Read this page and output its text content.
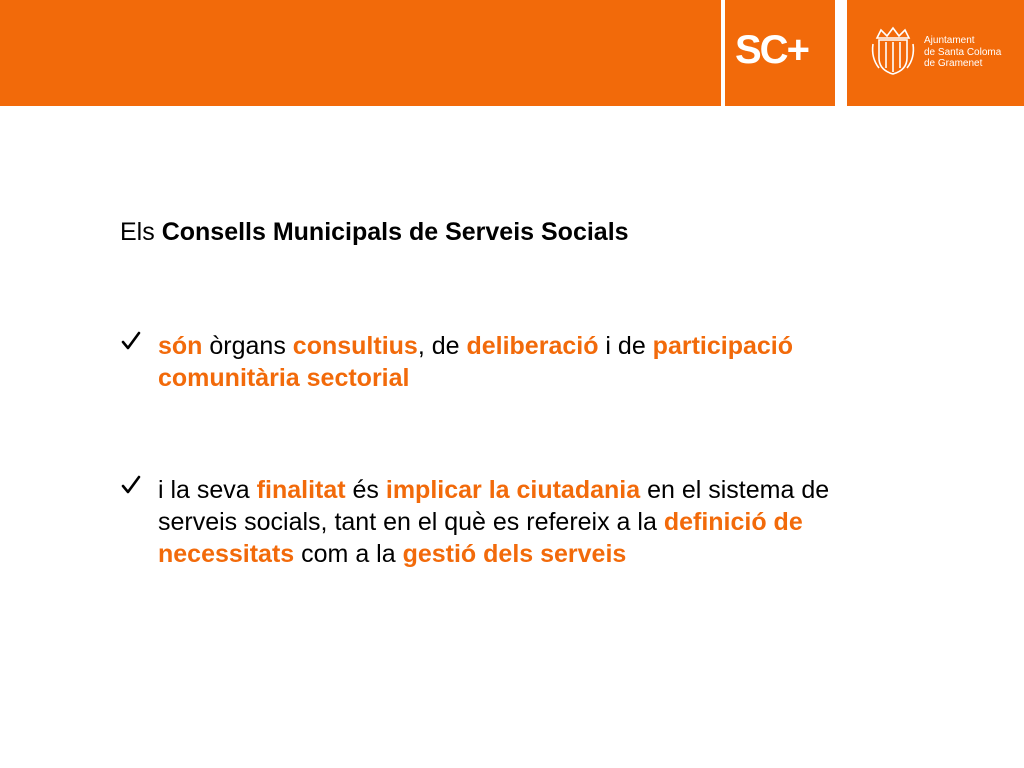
SC+	Ajuntament
de Santa Coloma
de Gramenet

Els Consells Municipals de Serveis Socials

són òrgans consultius, de deliberació i de participació comunitària sectorial
i la seva finalitat és implicar la ciutadania en el sistema de serveis socials, tant en el què es refereix a la definició de necessitats com a la gestió dels serveis
